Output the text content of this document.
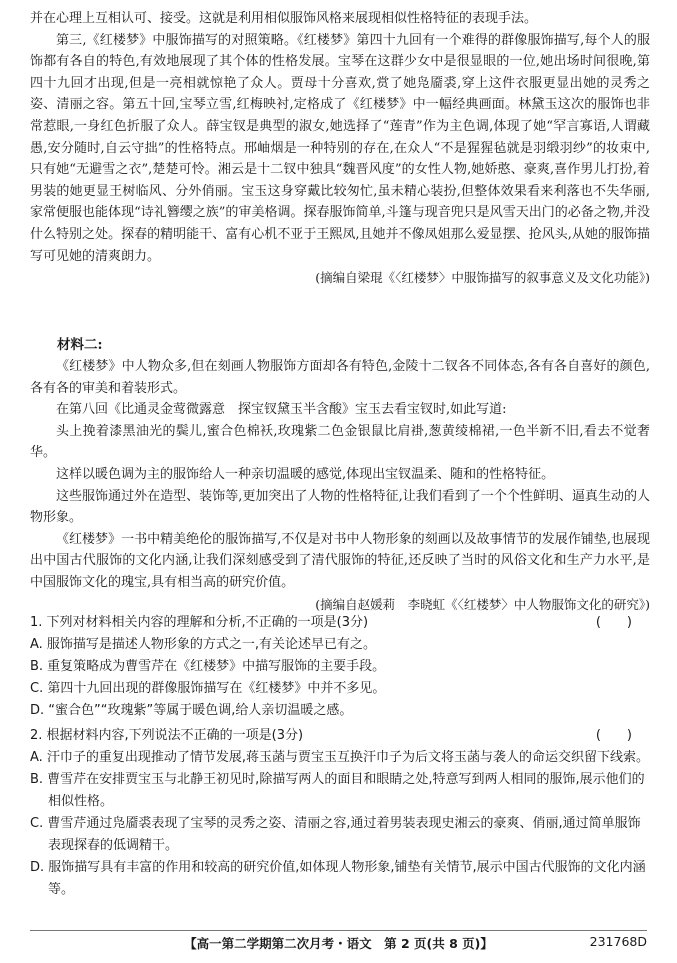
并在心理上互相认可、接受。这就是利用相似服饰风格来展现相似性格特征的表现手法。

第三,《红楼梦》中服饰描写的对照策略。《红楼梦》第四十九回有一个难得的群像服饰描写,每个人的服饰都有各自的特色,有效地展现了其个体的性格发展。宝琴在这群少女中是很显眼的一位,她出场时间很晚,第四十九回才出现,但是一亮相就惊艳了众人。贾母十分喜欢,赏了她凫靥裘,穿上这件衣服更显出她的灵秀之姿、清丽之容。第五十回,宝琴立雪,红梅映衬,定格成了《红楼梦》中一幅经典画面。林黛玉这次的服饰也非常惹眼,一身红色折服了众人。薛宝钗是典型的淑女,她选择了“莲青”作为主色调,体现了她“罕言寡语,人谓藏愚,安分随时,自云守拙”的性格特点。邢岫烟是一种特别的存在,在众人“不是猩猩毡就是羽缎羽纱”的妆束中,只有她“无避雪之衣”,楚楚可怜。湘云是十二钗中独具“魏晋风度”的女性人物,她娇憨、豪爽,喜作男儿打扮,着男装的她更显王树临风、分外俏丽。宝玉这身穿戴比较匆忙,虽未精心装扮,但整体效果看来利落也不失华丽,家常便服也能体现“诗礼簪缨之族”的审美格调。探春服饰简单,斗篷与现音兜只是风雪天出门的必备之物,并没什么特别之处。探春的精明能干、富有心机不亚于王熙凤,且她并不像凤姐那么爱显摆、抢风头,从她的服饰描写可见她的清爽朗力。

(摘编自梁琨《〈红楼梦〉中服饰描写的叙事意义及文化功能》)

材料二:

《红楼梦》中人物众多,但在刻画人物服饰方面却各有特色,金陵十二钗各不同体态,各有各自喜好的颜色,各有各的审美和着装形式。

在第八回《比通灵金莺微露意　探宝钗黛玉半含酸》宝玉去看宝钗时,如此写道:

头上挽着漆黑油光的鬓儿,蜜合色棉袄,玫瑰紫二色金银鼠比肩褂,葱黄绫棉裙,一色半新不旧,看去不觉奢华。

这样以暖色调为主的服饰给人一种亲切温暖的感觉,体现出宝钗温柔、随和的性格特征。

这些服饰通过外在造型、装饰等,更加突出了人物的性格特征,让我们看到了一个个性鲜明、逼真生动的人物形象。

《红楼梦》一书中精美绝伦的服饰描写,不仅是对书中人物形象的刻画以及故事情节的发展作铺垫,也展现出中国古代服饰的文化内涵,让我们深刻感受到了清代服饰的特征,还反映了当时的风俗文化和生产力水平,是中国服饰文化的瑰宝,具有相当高的研究价值。

(摘编自赵媛莉　李晓虹《〈红楼梦〉中人物服饰文化的研究》)

1. 下列对材料相关内容的理解和分析,不正确的一项是(3分)	(　　)
A. 服饰描写是描述人物形象的方式之一,有关论述早已有之。
B. 重复策略成为曹雪芹在《红楼梦》中描写服饰的主要手段。
C. 第四十九回出现的群像服饰描写在《红楼梦》中并不多见。
D. “蜜合色”“玫瑰紫”等属于暖色调,给人亲切温暖之感。
2. 根据材料内容,下列说法不正确的一项是(3分)	(　　)
A. 汗巾子的重复出现推动了情节发展,蒋玉菡与贾宝玉互换汗巾子为后文将玉菡与袭人的命运交织留下线索。
B. 曹雪芹在安排贾宝玉与北静王初见时,除描写两人的面目和眼睛之处,特意写到两人相同的服饰,展示他们的相似性格。
C. 曹雪芹通过凫靥裘表现了宝琴的灵秀之姿、清丽之容,通过着男装表现史湘云的豪爽、俏丽,通过简单服饰表现探春的低调精干。
D. 服饰描写具有丰富的作用和较高的研究价值,如体现人物形象,铺垫有关情节,展示中国古代服饰的文化内涵等。
【高一第二学期第二次月考・语文　第 2 页(共 8 页)】	231768D
